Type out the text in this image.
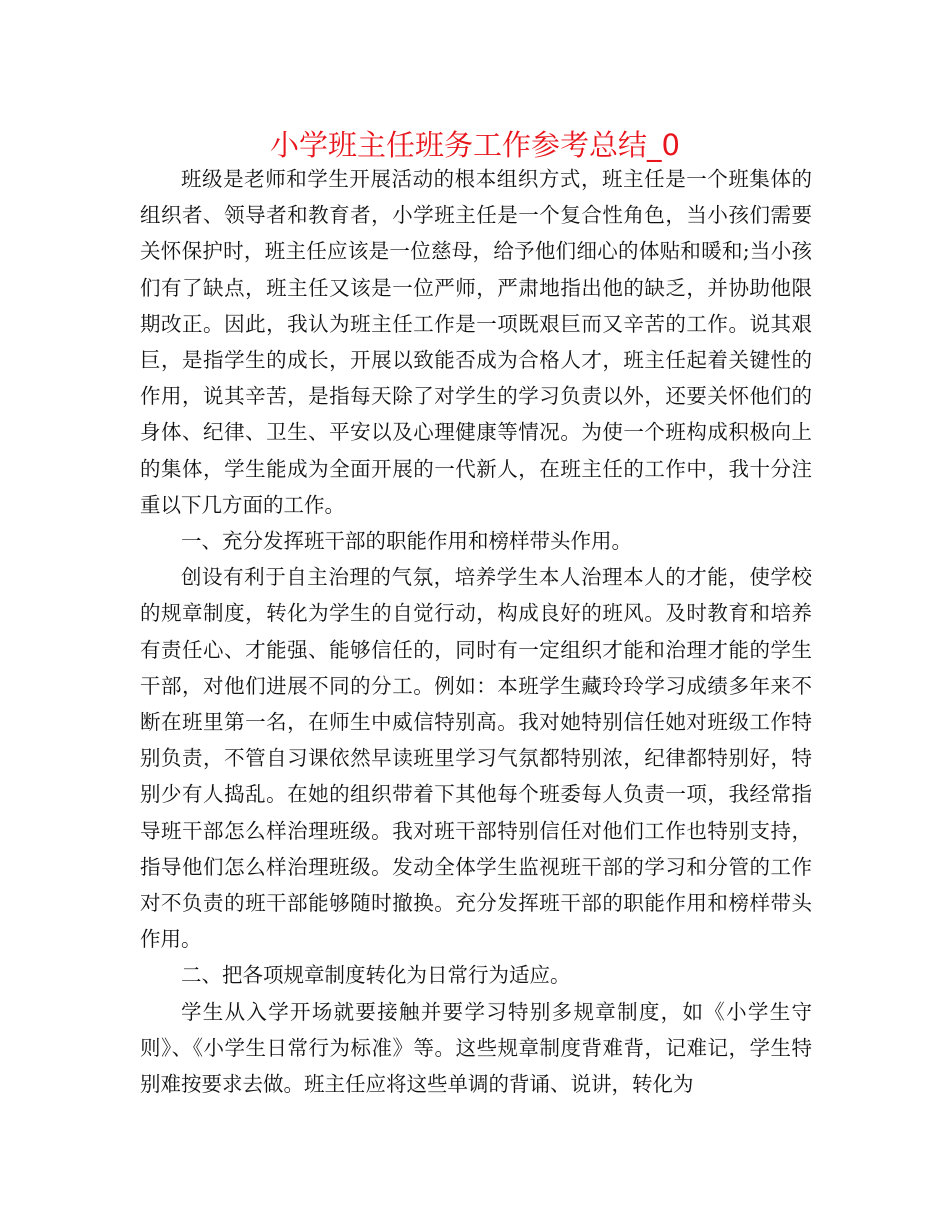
小学班主任班务工作参考总结_0

班级是老师和学生开展活动的根本组织方式，班主任是一个班集体的组织者、领导者和教育者，小学班主任是一个复合性角色，当小孩们需要关怀保护时，班主任应该是一位慈母，给予他们细心的体贴和暖和;当小孩们有了缺点，班主任又该是一位严师，严肃地指出他的缺乏，并协助他限期改正。因此，我认为班主任工作是一项既艰巨而又辛苦的工作。说其艰巨，是指学生的成长，开展以致能否成为合格人才，班主任起着关键性的作用，说其辛苦，是指每天除了对学生的学习负责以外，还要关怀他们的身体、纪律、卫生、平安以及心理健康等情况。为使一个班构成积极向上的集体，学生能成为全面开展的一代新人，在班主任的工作中，我十分注重以下几方面的工作。

一、充分发挥班干部的职能作用和榜样带头作用。

创设有利于自主治理的气氛，培养学生本人治理本人的才能，使学校的规章制度，转化为学生的自觉行动，构成良好的班风。及时教育和培养有责任心、才能强、能够信任的，同时有一定组织才能和治理才能的学生干部，对他们进展不同的分工。例如：本班学生藏玲玲学习成绩多年来不断在班里第一名，在师生中威信特别高。我对她特别信任她对班级工作特别负责，不管自习课依然早读班里学习气氛都特别浓，纪律都特别好，特别少有人捣乱。在她的组织带着下其他每个班委每人负责一项，我经常指导班干部怎么样治理班级。我对班干部特别信任对他们工作也特别支持，指导他们怎么样治理班级。发动全体学生监视班干部的学习和分管的工作对不负责的班干部能够随时撤换。充分发挥班干部的职能作用和榜样带头作用。

二、把各项规章制度转化为日常行为适应。

学生从入学开场就要接触并要学习特别多规章制度，如《小学生守则》、《小学生日常行为标准》等。这些规章制度背难背，记难记，学生特别难按要求去做。班主任应将这些单调的背诵、说讲，转化为
